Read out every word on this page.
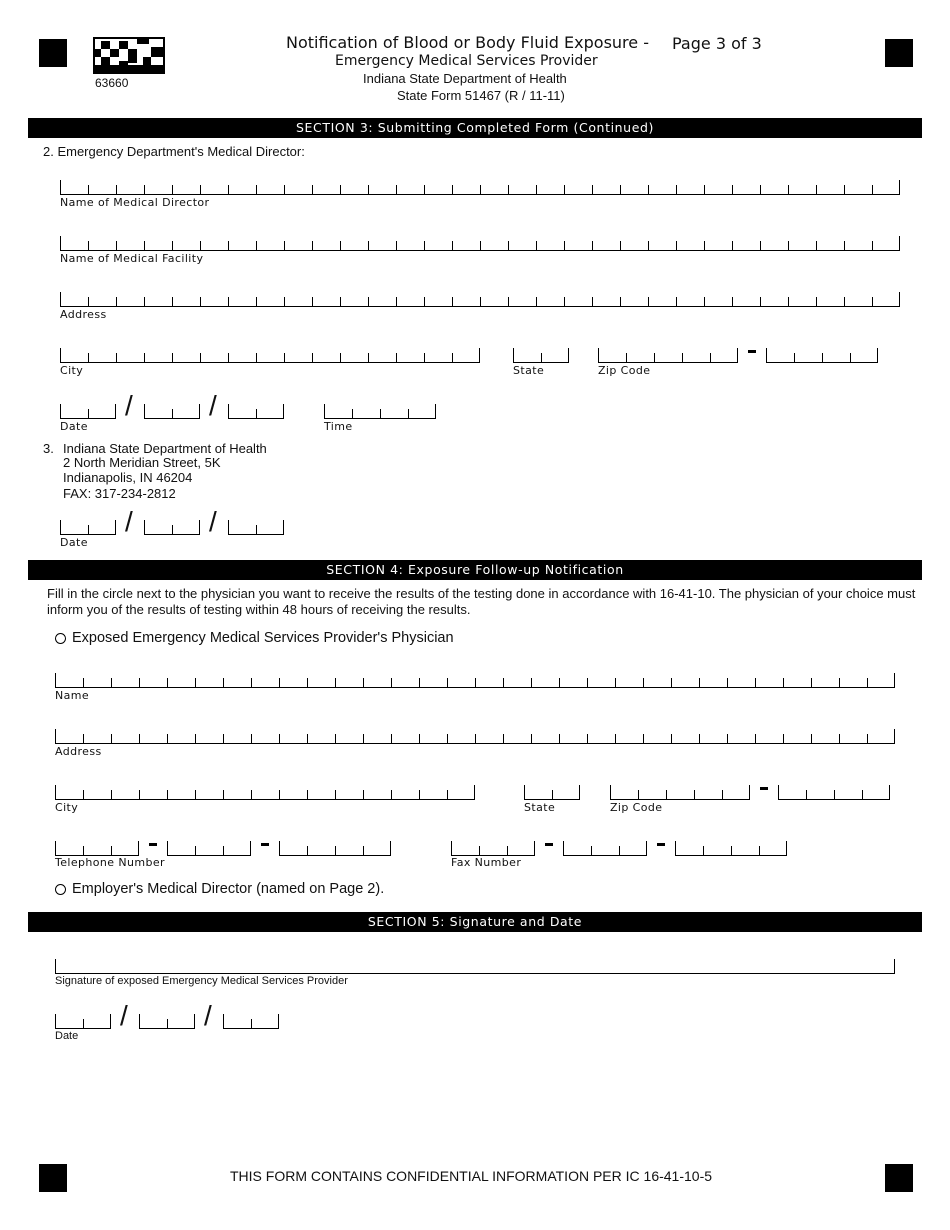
63660
Notification of Blood or Body Fluid Exposure - Page 3 of 3
Emergency Medical Services Provider
Indiana State Department of Health
State Form 51467 (R / 11-11)
SECTION 3: Submitting Completed Form (Continued)
2. Emergency Department's Medical Director:
Name of Medical Director
Name of Medical Facility
Address
City	State	Zip Code
/	/
Date	Time
3. Indiana State Department of Health
2 North Meridian Street, 5K
Indianapolis, IN 46204
FAX: 317-234-2812
/	/
Date
SECTION 4: Exposure Follow-up Notification
Fill in the circle next to the physician you want to receive the results of the testing done in accordance with 16-41-10. The physician of your choice must inform you of the results of testing within 48 hours of receiving the results.
Exposed Emergency Medical Services Provider's Physician
Name
Address
City	State	Zip Code
Telephone Number	Fax Number
Employer's Medical Director (named on Page 2).
SECTION 5: Signature and Date
Signature of exposed Emergency Medical Services Provider
/	/
Date
THIS FORM CONTAINS CONFIDENTIAL INFORMATION PER IC 16-41-10-5
